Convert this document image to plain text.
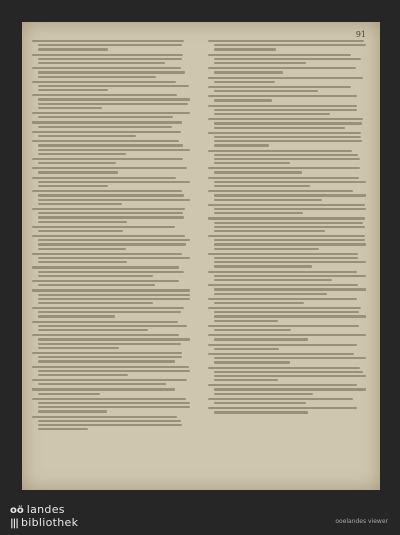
91
oö landes
||| bibliothek	ooelandes viewer
